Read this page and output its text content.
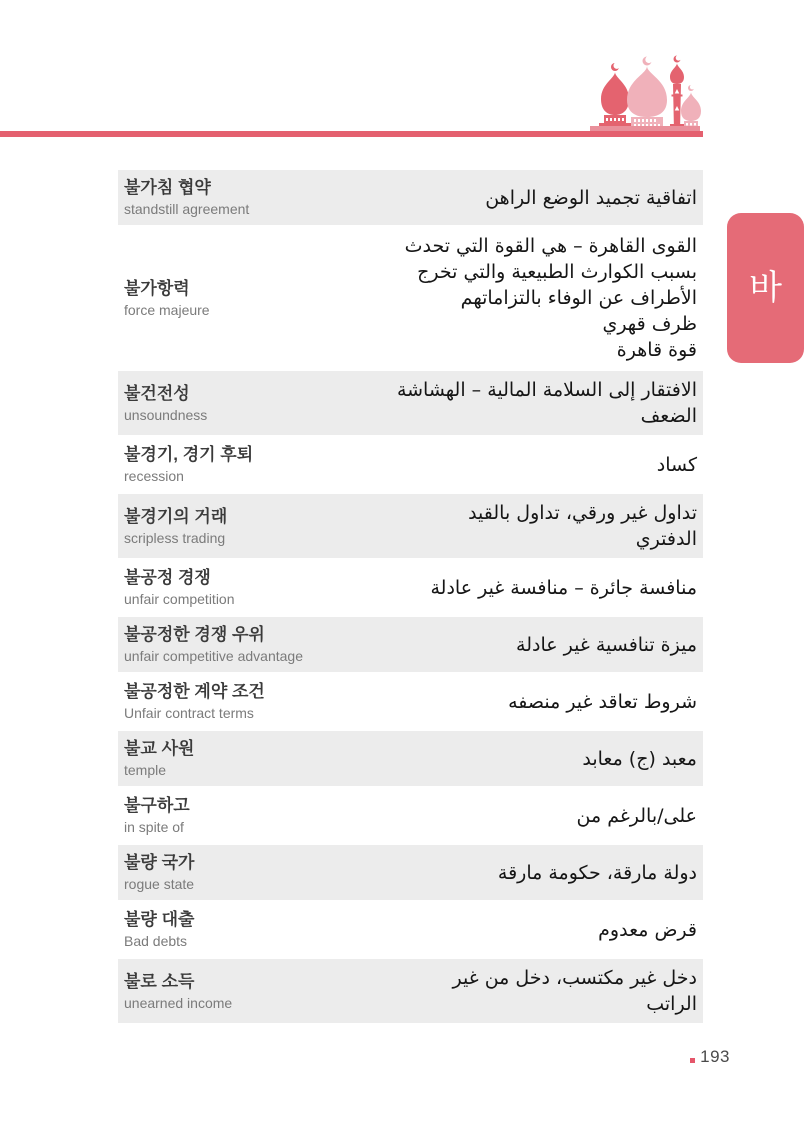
바
불가침 협약
standstill agreement
اتفاقية تجميد الوضع الراهن
불가항력
force majeure
القوى القاهرة – هي القوة التي تحدث
بسبب الكوارث الطبيعية والتي تخرج
الأطراف عن الوفاء بالتزاماتهم
ظرف قهري
قوة قاهرة
불건전성
unsoundness
الافتقار إلى السلامة المالية – الهشاشة
الضعف
불경기, 경기 후퇴
recession
كساد
불경기의 거래
scripless trading
تداول غير ورقي، تداول بالقيد
الدفتري
불공정 경쟁
unfair competition
منافسة جائرة – منافسة غير عادلة
불공정한 경쟁 우위
unfair competitive advantage
ميزة تنافسية غير عادلة
불공정한 계약 조건
Unfair contract terms
شروط تعاقد غير منصفه
불교 사원
temple
معبد (ج) معابد
불구하고
in spite of
على/بالرغم من
불량 국가
rogue state
دولة مارقة، حكومة مارقة
불량 대출
Bad debts
قرض معدوم
불로 소득
unearned income
دخل غير مكتسب، دخل من غير
الراتب
193
